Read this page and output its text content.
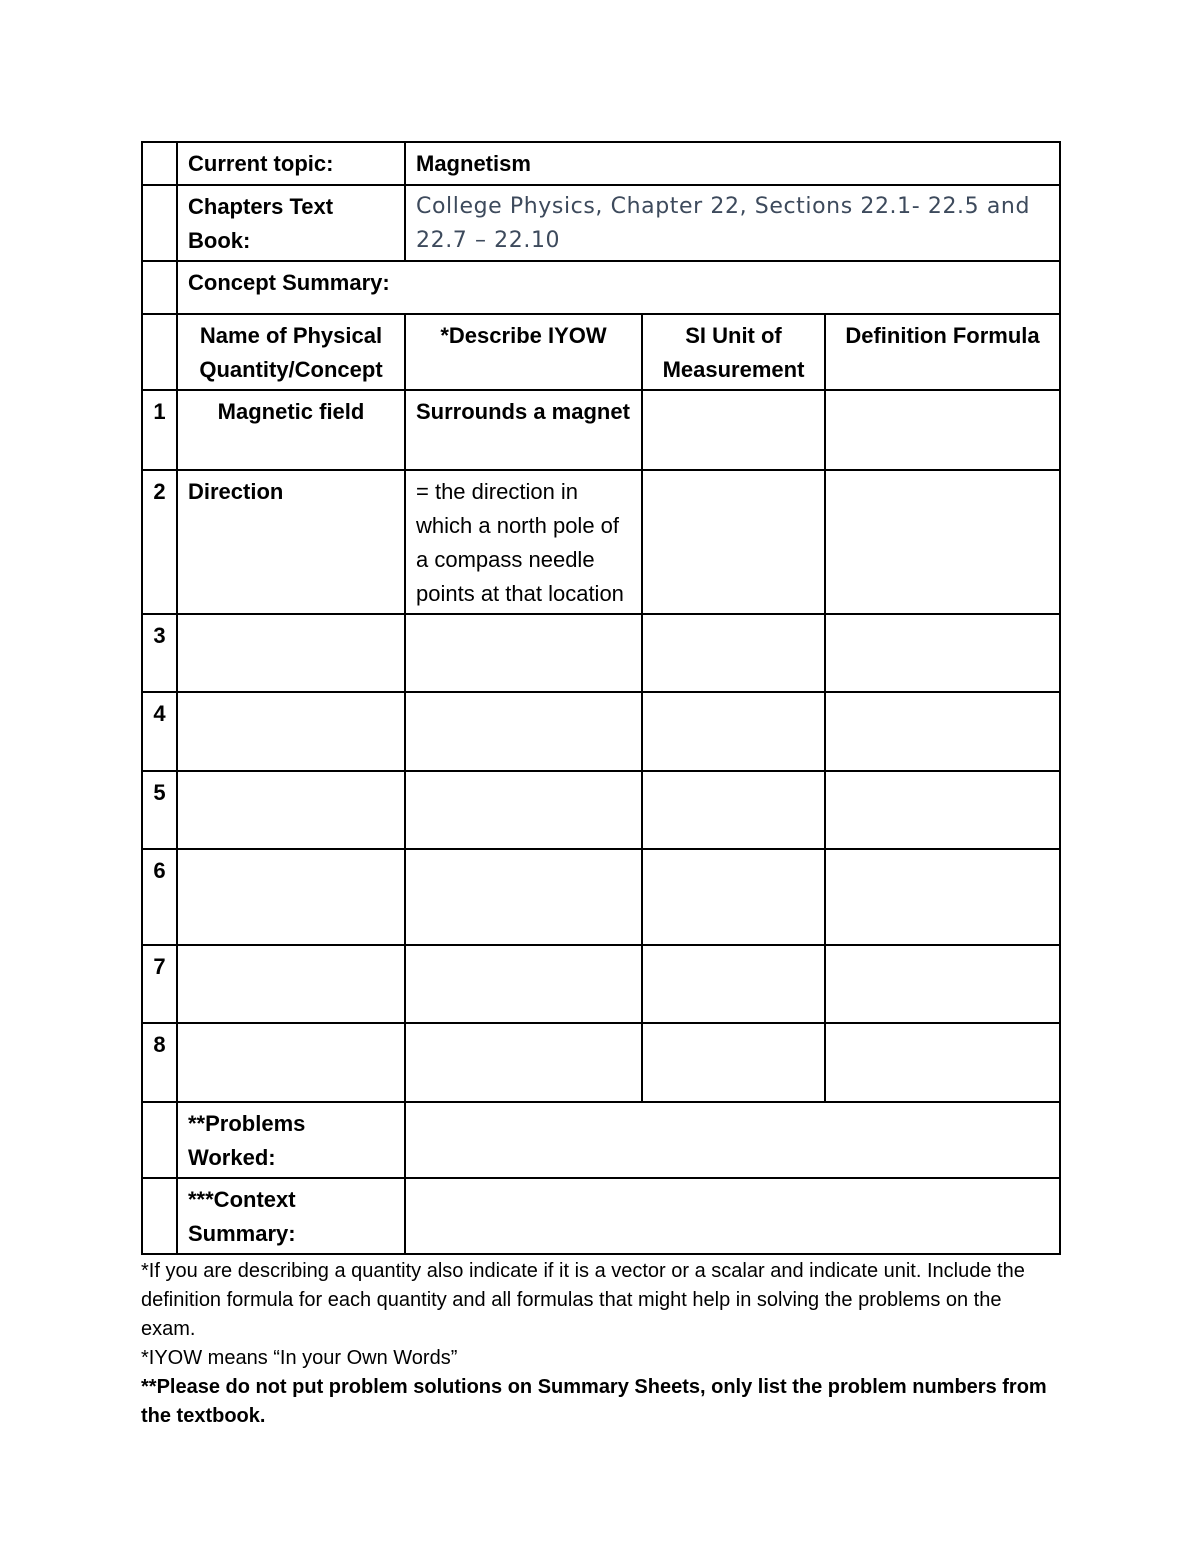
	Current topic:	Magnetism		
	Chapters Text Book:	College Physics, Chapter 22, Sections 22.1- 22.5 and 22.7 – 22.10		
	Concept Summary:			
	Name of Physical Quantity/Concept	*Describe IYOW	SI Unit of Measurement	Definition Formula
1	Magnetic field	Surrounds a magnet		
2	Direction	= the direction in which a north pole of a compass needle points at that location		
3				
4				
5				
6				
7				
8				
	**Problems Worked:			
	***Context Summary:			

*If you are describing a quantity also indicate if it is a vector or a scalar and indicate unit. Include the definition formula for each quantity and all formulas that might help in solving the problems on the exam.

*IYOW means “In your Own Words”

**Please do not put problem solutions on Summary Sheets, only list the problem numbers from the textbook.
